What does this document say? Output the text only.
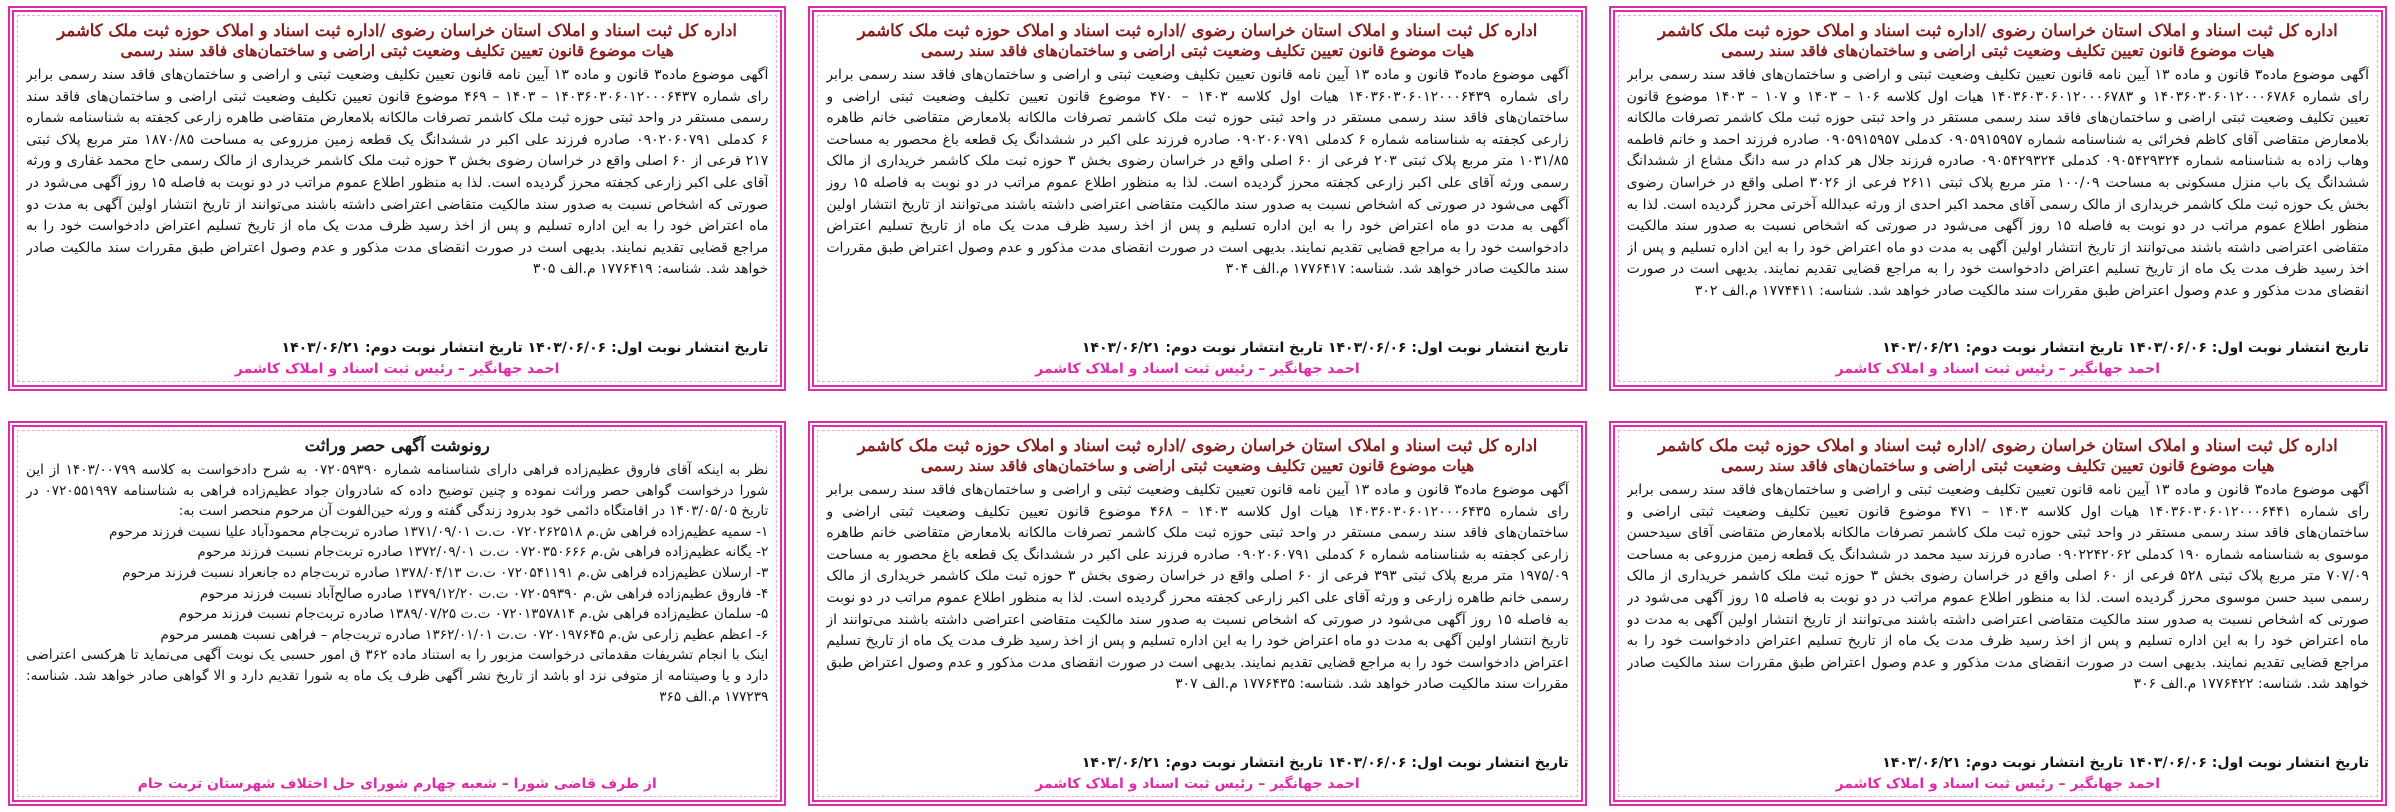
اداره کل ثبت اسناد و املاک استان خراسان رضوی /اداره ثبت اسناد و املاک حوزه ثبت ملک کاشمر
هیات موضوع قانون تعیین تکلیف وضعیت ثبتی اراضی و ساختمان‌های فاقد سند رسمی
آگهی موضوع ماده۳ قانون و ماده ۱۳ آیین نامه قانون تعیین تکلیف وضعیت ثبتی و اراضی و ساختمان‌های فاقد سند رسمی برابر رای شماره ۱۴۰۳۶۰۳۰۶۰۱۲۰۰۰۶۴۳۷ – ۱۴۰۳ – ۴۶۹ موضوع قانون تعیین تکلیف وضعیت ثبتی اراضی و ساختمان‌های فاقد سند رسمی مستقر در واحد ثبتی حوزه ثبت ملک کاشمر تصرفات مالکانه بلامعارض متقاضی طاهره زارعی کجفته به شناسنامه شماره ۶ کدملی ۰۹۰۲۰۶۰۷۹۱ صادره فرزند علی اکبر در ششدانگ یک قطعه زمین مزروعی به مساحت ۱۸۷۰/۸۵ متر مربع پلاک ثبتی ۲۱۷ فرعی از ۶۰ اصلی واقع در خراسان رضوی بخش ۳ حوزه ثبت ملک کاشمر خریداری از مالک رسمی حاج محمد غفاری و ورثه آقای علی اکبر زارعی کجفته محرز گردیده است. لذا به منظور اطلاع عموم مراتب در دو نوبت به فاصله ۱۵ روز آگهی می‌شود در صورتی که اشخاص نسبت به صدور سند مالکیت متقاضی اعتراضی داشته باشند می‌توانند از تاریخ انتشار اولین آگهی به مدت دو ماه اعتراض خود را به این اداره تسلیم و پس از اخذ رسید ظرف مدت یک ماه از تاریخ تسلیم اعتراض دادخواست خود را به مراجع قضایی تقدیم نمایند. بدیهی است در صورت انقضای مدت مذکور و عدم وصول اعتراض طبق مقررات سند مالکیت صادر خواهد شد. شناسه: ۱۷۷۶۴۱۹ م.الف ۳۰۵
تاریخ انتشار نوبت اول: ۱۴۰۳/۰۶/۰۶ تاریخ انتشار نوبت دوم: ۱۴۰۳/۰۶/۲۱
احمد جهانگیر – رئیس ثبت اسناد و املاک کاشمر
اداره کل ثبت اسناد و املاک استان خراسان رضوی /اداره ثبت اسناد و املاک حوزه ثبت ملک کاشمر
هیات موضوع قانون تعیین تکلیف وضعیت ثبتی اراضی و ساختمان‌های فاقد سند رسمی
آگهی موضوع ماده۳ قانون و ماده ۱۳ آیین نامه قانون تعیین تکلیف وضعیت ثبتی و اراضی و ساختمان‌های فاقد سند رسمی برابر رای شماره ۱۴۰۳۶۰۳۰۶۰۱۲۰۰۰۶۴۳۹ هیات اول کلاسه ۱۴۰۳ – ۴۷۰ موضوع قانون تعیین تکلیف وضعیت ثبتی اراضی و ساختمان‌های فاقد سند رسمی مستقر در واحد ثبتی حوزه ثبت ملک کاشمر تصرفات مالکانه بلامعارض متقاضی خانم طاهره زارعی کجفته به شناسنامه شماره ۶ کدملی ۰۹۰۲۰۶۰۷۹۱ صادره فرزند علی اکبر در ششدانگ یک قطعه باغ محصور به مساحت ۱۰۳۱/۸۵ متر مربع پلاک ثبتی ۲۰۳ فرعی از ۶۰ اصلی واقع در خراسان رضوی بخش ۳ حوزه ثبت ملک کاشمر خریداری از مالک رسمی ورثه آقای علی اکبر زارعی کجفته محرز گردیده است. لذا به منظور اطلاع عموم مراتب در دو نوبت به فاصله ۱۵ روز آگهی می‌شود در صورتی که اشخاص نسبت به صدور سند مالکیت متقاضی اعتراضی داشته باشند می‌توانند از تاریخ انتشار اولین آگهی به مدت دو ماه اعتراض خود را به این اداره تسلیم و پس از اخذ رسید ظرف مدت یک ماه از تاریخ تسلیم اعتراض دادخواست خود را به مراجع قضایی تقدیم نمایند. بدیهی است در صورت انقضای مدت مذکور و عدم وصول اعتراض طبق مقررات سند مالکیت صادر خواهد شد. شناسه: ۱۷۷۶۴۱۷ م.الف ۳۰۴
تاریخ انتشار نوبت اول: ۱۴۰۳/۰۶/۰۶ تاریخ انتشار نوبت دوم: ۱۴۰۳/۰۶/۲۱
احمد جهانگیر – رئیس ثبت اسناد و املاک کاشمر
اداره کل ثبت اسناد و املاک استان خراسان رضوی /اداره ثبت اسناد و املاک حوزه ثبت ملک کاشمر
هیات موضوع قانون تعیین تکلیف وضعیت ثبتی اراضی و ساختمان‌های فاقد سند رسمی
آگهی موضوع ماده۳ قانون و ماده ۱۳ آیین نامه قانون تعیین تکلیف وضعیت ثبتی و اراضی و ساختمان‌های فاقد سند رسمی برابر رای شماره ۱۴۰۳۶۰۳۰۶۰۱۲۰۰۰۶۷۸۶ و ۱۴۰۳۶۰۳۰۶۰۱۲۰۰۰۶۷۸۳ هیات اول کلاسه ۱۰۶ – ۱۴۰۳ و ۱۰۷ – ۱۴۰۳ موضوع قانون تعیین تکلیف وضعیت ثبتی اراضی و ساختمان‌های فاقد سند رسمی مستقر در واحد ثبتی حوزه ثبت ملک کاشمر تصرفات مالکانه بلامعارض متقاضی آقای کاظم فخرائی به شناسنامه شماره ۰۹۰۵۹۱۵۹۵۷ کدملی ۰۹۰۵۹۱۵۹۵۷ صادره فرزند احمد و خانم فاطمه وهاب زاده به شناسنامه شماره ۰۹۰۵۴۲۹۳۲۴ کدملی ۰۹۰۵۴۲۹۳۲۴ صادره فرزند جلال هر کدام در سه دانگ مشاع از ششدانگ ششدانگ یک باب منزل مسکونی به مساحت ۱۰۰/۰۹ متر مربع پلاک ثبتی ۲۶۱۱ فرعی از ۳۰۲۶ اصلی واقع در خراسان رضوی بخش یک حوزه ثبت ملک کاشمر خریداری از مالک رسمی آقای محمد اکبر احدی از ورثه عبدالله آخرتی محرز گردیده است. لذا به منظور اطلاع عموم مراتب در دو نوبت به فاصله ۱۵ روز آگهی می‌شود در صورتی که اشخاص نسبت به صدور سند مالکیت متقاضی اعتراضی داشته باشند می‌توانند از تاریخ انتشار اولین آگهی به مدت دو ماه اعتراض خود را به این اداره تسلیم و پس از اخذ رسید ظرف مدت یک ماه از تاریخ تسلیم اعتراض دادخواست خود را به مراجع قضایی تقدیم نمایند. بدیهی است در صورت انقضای مدت مذکور و عدم وصول اعتراض طبق مقررات سند مالکیت صادر خواهد شد. شناسه: ۱۷۷۴۴۱۱ م.الف ۳۰۲
تاریخ انتشار نوبت اول: ۱۴۰۳/۰۶/۰۶ تاریخ انتشار نوبت دوم: ۱۴۰۳/۰۶/۲۱
احمد جهانگیر – رئیس ثبت اسناد و املاک کاشمر
رونوشت آگهی حصر وراثت
نظر به اینکه آقای فاروق عظیم‌زاده فراهی دارای شناسنامه شماره ۰۷۲۰۵۹۳۹۰ به شرح دادخواست به کلاسه ۱۴۰۳/۰۰۷۹۹ از این شورا درخواست گواهی حصر وراثت نموده و چنین توضیح داده که شادروان جواد عظیم‌زاده فراهی به شناسنامه ۰۷۲۰۵۵۱۹۹۷ در تاریخ ۱۴۰۳/۰۵/۰۵ در اقامتگاه دائمی خود بدرود زندگی گفته و ورثه حین‌الفوت آن مرحوم منحصر است به:
۱- سمیه عظیم‌زاده فراهی ش.م ۰۷۲۰۲۶۲۵۱۸ ت.ت ۱۳۷۱/۰۹/۰۱ صادره تربت‌جام محمودآباد علیا نسبت فرزند مرحوم
۲- یگانه عظیم‌زاده فراهی ش.م ۰۷۲۰۳۵۰۶۶۶ ت.ت ۱۳۷۲/۰۹/۰۱ صادره تربت‌جام نسبت فرزند مرحوم
۳- ارسلان عظیم‌زاده فراهی ش.م ۰۷۲۰۵۴۱۱۹۱ ت.ت ۱۳۷۸/۰۴/۱۳ صادره تربت‌جام ده جانعراد نسبت فرزند مرحوم
۴- فاروق عظیم‌زاده فراهی ش.م ۰۷۲۰۵۹۳۹۰ ت.ت ۱۳۷۹/۱۲/۲۰ صادره صالح‌آباد نسبت فرزند مرحوم
۵- سلمان عظیم‌زاده فراهی ش.م ۰۷۲۰۱۳۵۷۸۱۴ ت.ت ۱۳۸۹/۰۷/۲۵ صادره تربت‌جام نسبت فرزند مرحوم
۶- اعظم عظیم زارعی ش.م ۰۷۲۰۱۹۷۶۴۵ ت.ت ۱۳۶۲/۰۱/۰۱ صادره تربت‌جام – فراهی نسبت همسر مرحوم
اینک با انجام تشریفات مقدماتی درخواست مزبور را به استناد ماده ۳۶۲ ق امور حسبی یک نوبت آگهی می‌نماید تا هرکسی اعتراضی دارد و یا وصیتنامه از متوفی نزد او باشد از تاریخ نشر آگهی ظرف یک ماه به شورا تقدیم دارد و الا گواهی صادر خواهد شد. شناسه: ۱۷۷۲۳۹ م.الف ۳۶۵
از طرف قاضی شورا – شعبه چهارم شورای حل اختلاف شهرستان تربت جام
اداره کل ثبت اسناد و املاک استان خراسان رضوی /اداره ثبت اسناد و املاک حوزه ثبت ملک کاشمر
هیات موضوع قانون تعیین تکلیف وضعیت ثبتی اراضی و ساختمان‌های فاقد سند رسمی
آگهی موضوع ماده۳ قانون و ماده ۱۳ آیین نامه قانون تعیین تکلیف وضعیت ثبتی و اراضی و ساختمان‌های فاقد سند رسمی برابر رای شماره ۱۴۰۳۶۰۳۰۶۰۱۲۰۰۰۶۴۳۵ هیات اول کلاسه ۱۴۰۳ – ۴۶۸ موضوع قانون تعیین تکلیف وضعیت ثبتی اراضی و ساختمان‌های فاقد سند رسمی مستقر در واحد ثبتی حوزه ثبت ملک کاشمر تصرفات مالکانه بلامعارض متقاضی خانم طاهره زارعی کجفته به شناسنامه شماره ۶ کدملی ۰۹۰۲۰۶۰۷۹۱ صادره فرزند علی اکبر در ششدانگ یک قطعه باغ محصور به مساحت ۱۹۷۵/۰۹ متر مربع پلاک ثبتی ۳۹۳ فرعی از ۶۰ اصلی واقع در خراسان رضوی بخش ۳ حوزه ثبت ملک کاشمر خریداری از مالک رسمی خانم طاهره زارعی و ورثه آقای علی اکبر زارعی کجفته محرز گردیده است. لذا به منظور اطلاع عموم مراتب در دو نوبت به فاصله ۱۵ روز آگهی می‌شود در صورتی که اشخاص نسبت به صدور سند مالکیت متقاضی اعتراضی داشته باشند می‌توانند از تاریخ انتشار اولین آگهی به مدت دو ماه اعتراض خود را به این اداره تسلیم و پس از اخذ رسید ظرف مدت یک ماه از تاریخ تسلیم اعتراض دادخواست خود را به مراجع قضایی تقدیم نمایند. بدیهی است در صورت انقضای مدت مذکور و عدم وصول اعتراض طبق مقررات سند مالکیت صادر خواهد شد. شناسه: ۱۷۷۶۴۳۵ م.الف ۳۰۷
تاریخ انتشار نوبت اول: ۱۴۰۳/۰۶/۰۶ تاریخ انتشار نوبت دوم: ۱۴۰۳/۰۶/۲۱
احمد جهانگیر – رئیس ثبت اسناد و املاک کاشمر
اداره کل ثبت اسناد و املاک استان خراسان رضوی /اداره ثبت اسناد و املاک حوزه ثبت ملک کاشمر
هیات موضوع قانون تعیین تکلیف وضعیت ثبتی اراضی و ساختمان‌های فاقد سند رسمی
آگهی موضوع ماده۳ قانون و ماده ۱۳ آیین نامه قانون تعیین تکلیف وضعیت ثبتی و اراضی و ساختمان‌های فاقد سند رسمی برابر رای شماره ۱۴۰۳۶۰۳۰۶۰۱۲۰۰۰۶۴۴۱ هیات اول کلاسه ۱۴۰۳ – ۴۷۱ موضوع قانون تعیین تکلیف وضعیت ثبتی اراضی و ساختمان‌های فاقد سند رسمی مستقر در واحد ثبتی حوزه ثبت ملک کاشمر تصرفات مالکانه بلامعارض متقاضی آقای سیدحسن موسوی به شناسنامه شماره ۱۹۰ کدملی ۰۹۰۲۲۴۲۰۶۲ صادره فرزند سید محمد در ششدانگ یک قطعه زمین مزروعی به مساحت ۷۰۷/۰۹ متر مربع پلاک ثبتی ۵۲۸ فرعی از ۶۰ اصلی واقع در خراسان رضوی بخش ۳ حوزه ثبت ملک کاشمر خریداری از مالک رسمی سید حسن موسوی محرز گردیده است. لذا به منظور اطلاع عموم مراتب در دو نوبت به فاصله ۱۵ روز آگهی می‌شود در صورتی که اشخاص نسبت به صدور سند مالکیت متقاضی اعتراضی داشته باشند می‌توانند از تاریخ انتشار اولین آگهی به مدت دو ماه اعتراض خود را به این اداره تسلیم و پس از اخذ رسید ظرف مدت یک ماه از تاریخ تسلیم اعتراض دادخواست خود را به مراجع قضایی تقدیم نمایند. بدیهی است در صورت انقضای مدت مذکور و عدم وصول اعتراض طبق مقررات سند مالکیت صادر خواهد شد. شناسه: ۱۷۷۶۴۲۲ م.الف ۳۰۶
تاریخ انتشار نوبت اول: ۱۴۰۳/۰۶/۰۶ تاریخ انتشار نوبت دوم: ۱۴۰۳/۰۶/۲۱
احمد جهانگیر – رئیس ثبت اسناد و املاک کاشمر
